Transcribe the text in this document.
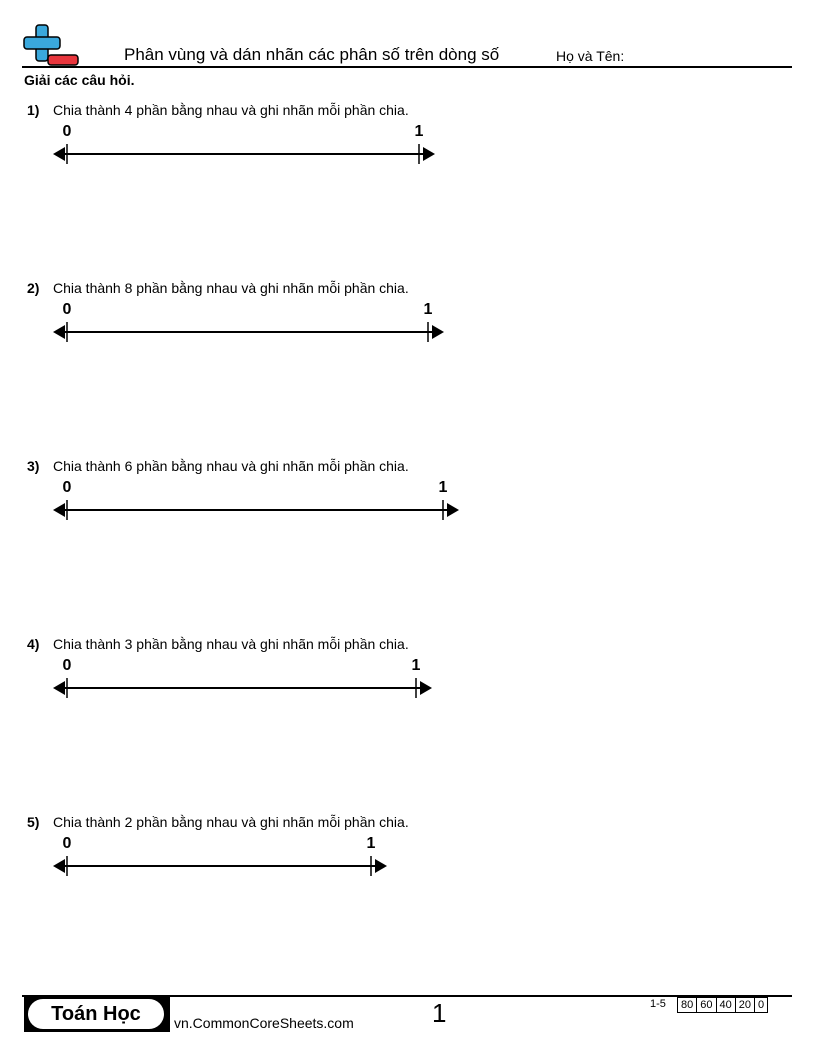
Phân vùng và dán nhãn các phân số trên dòng số	Họ và Tên:
Giải các câu hỏi.
1) Chia thành 4 phần bằng nhau và ghi nhãn mỗi phần chia.
0	1
2) Chia thành 8 phần bằng nhau và ghi nhãn mỗi phần chia.
0	1
3) Chia thành 6 phần bằng nhau và ghi nhãn mỗi phần chia.
0	1
4) Chia thành 3 phần bằng nhau và ghi nhãn mỗi phần chia.
0	1
5) Chia thành 2 phần bằng nhau và ghi nhãn mỗi phần chia.
0	1
Toán Học	vn.CommonCoreSheets.com	1	1-5 80	60	40	20	0
